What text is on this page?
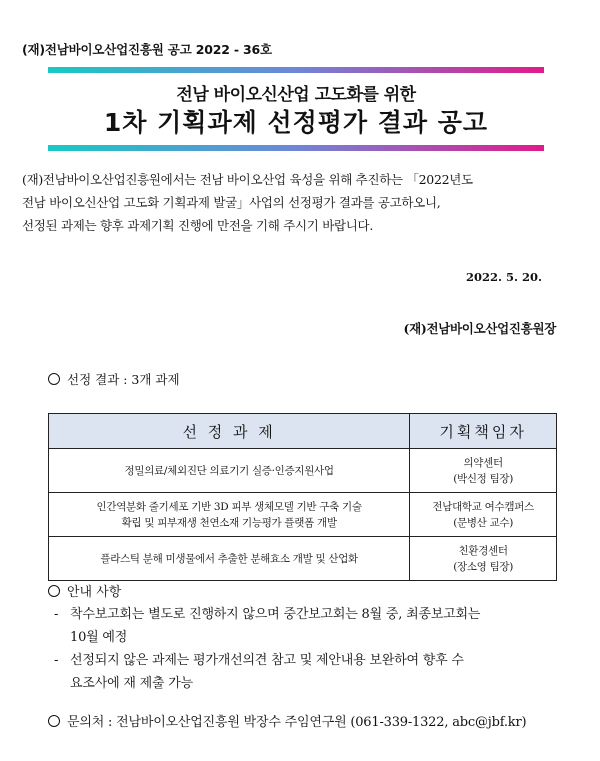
(재)전남바이오산업진흥원 공고 2022 - 36호
전남 바이오신산업 고도화를 위한
1차 기획과제 선정평가 결과 공고
(재)전남바이오산업진흥원에서는 전남 바이오산업 육성을 위해 추진하는 「2022년도
전남 바이오신산업 고도화 기획과제 발굴」사업의 선정평가 결과를 공고하오니,
선정된 과제는 향후 과제기획 진행에 만전을 기해 주시기 바랍니다.
2022. 5. 20.
(재)전남바이오산업진흥원장
선정 결과 : 3개 과제
선 정 과 제	기획책임자

정밀의료/체외진단 의료기기 실증·인증지원사업	의약센터
(박신정 팀장)

인간역분화 줄기세포 기반 3D 피부 생체모델 기반 구축 기술
확립 및 피부재생 천연소재 기능평가 플랫폼 개발	전남대학교 여수캠퍼스
(문병산 교수)

플라스틱 분해 미생물에서 추출한 분해효소 개발 및 산업화	친환경센터
(장소영 팀장)
안내 사항
- 착수보고회는 별도로 진행하지 않으며 중간보고회는 8월 중, 최종보고회는
10월 예정
- 선정되지 않은 과제는 평가개선의견 참고 및 제안내용 보완하여 향후 수
요조사에 재 제출 가능
문의처 : 전남바이오산업진흥원 박장수 주임연구원 (061-339-1322, abc@jbf.kr)
